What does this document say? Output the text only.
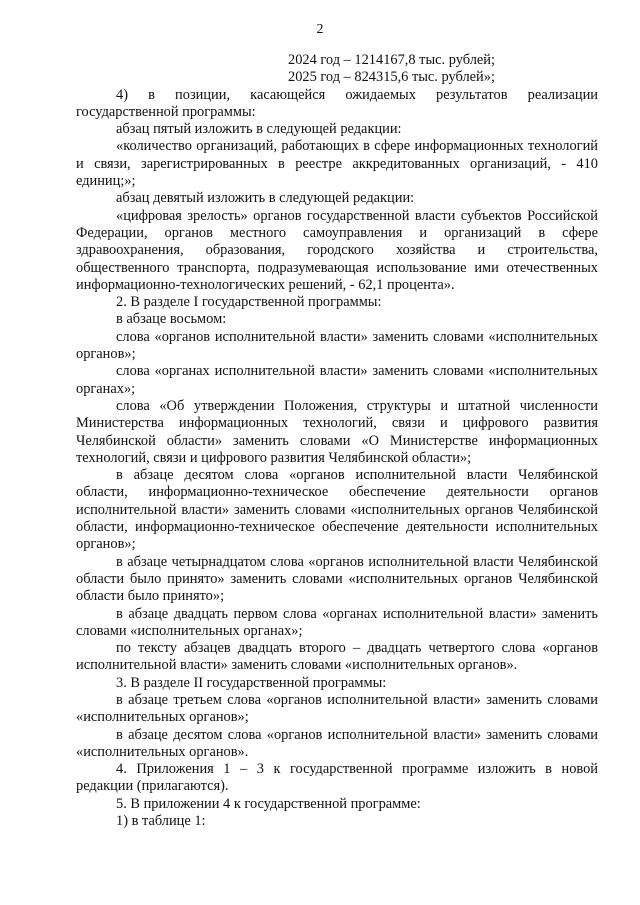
2

2024 год – 1214167,8 тыс. рублей;

2025 год – 824315,6 тыс. рублей»;

4) в позиции, касающейся ожидаемых результатов реализации государственной программы:

абзац пятый изложить в следующей редакции:

«количество организаций, работающих в сфере информационных технологий и связи, зарегистрированных в реестре аккредитованных организаций, - 410 единиц;»;

абзац девятый изложить в следующей редакции:

«цифровая зрелость» органов государственной власти субъектов Российской Федерации, органов местного самоуправления и организаций в сфере здравоохранения, образования, городского хозяйства и строительства, общественного транспорта, подразумевающая использование ими отечественных информационно-технологических решений, - 62,1 процента».

2. В разделе I государственной программы:

в абзаце восьмом:

слова «органов исполнительной власти» заменить словами «исполнительных органов»;

слова «органах исполнительной власти» заменить словами «исполнительных органах»;

слова «Об утверждении Положения, структуры и штатной численности Министерства информационных технологий, связи и цифрового развития Челябинской области» заменить словами «О Министерстве информационных технологий, связи и цифрового развития Челябинской области»;

в абзаце десятом слова «органов исполнительной власти Челябинской области, информационно-техническое обеспечение деятельности органов исполнительной власти» заменить словами «исполнительных органов Челябинской области, информационно-техническое обеспечение деятельности исполнительных органов»;

в абзаце четырнадцатом слова «органов исполнительной власти Челябинской области было принято» заменить словами «исполнительных органов Челябинской области было принято»;

в абзаце двадцать первом слова «органах исполнительной власти» заменить словами «исполнительных органах»;

по тексту абзацев двадцать второго – двадцать четвертого слова «органов исполнительной власти» заменить словами «исполнительных органов».

3. В разделе II государственной программы:

в абзаце третьем слова «органов исполнительной власти» заменить словами «исполнительных органов»;

в абзаце десятом слова «органов исполнительной власти» заменить словами «исполнительных органов».

4. Приложения 1 – 3 к государственной программе изложить в новой редакции (прилагаются).

5. В приложении 4 к государственной программе:

1) в таблице 1:
